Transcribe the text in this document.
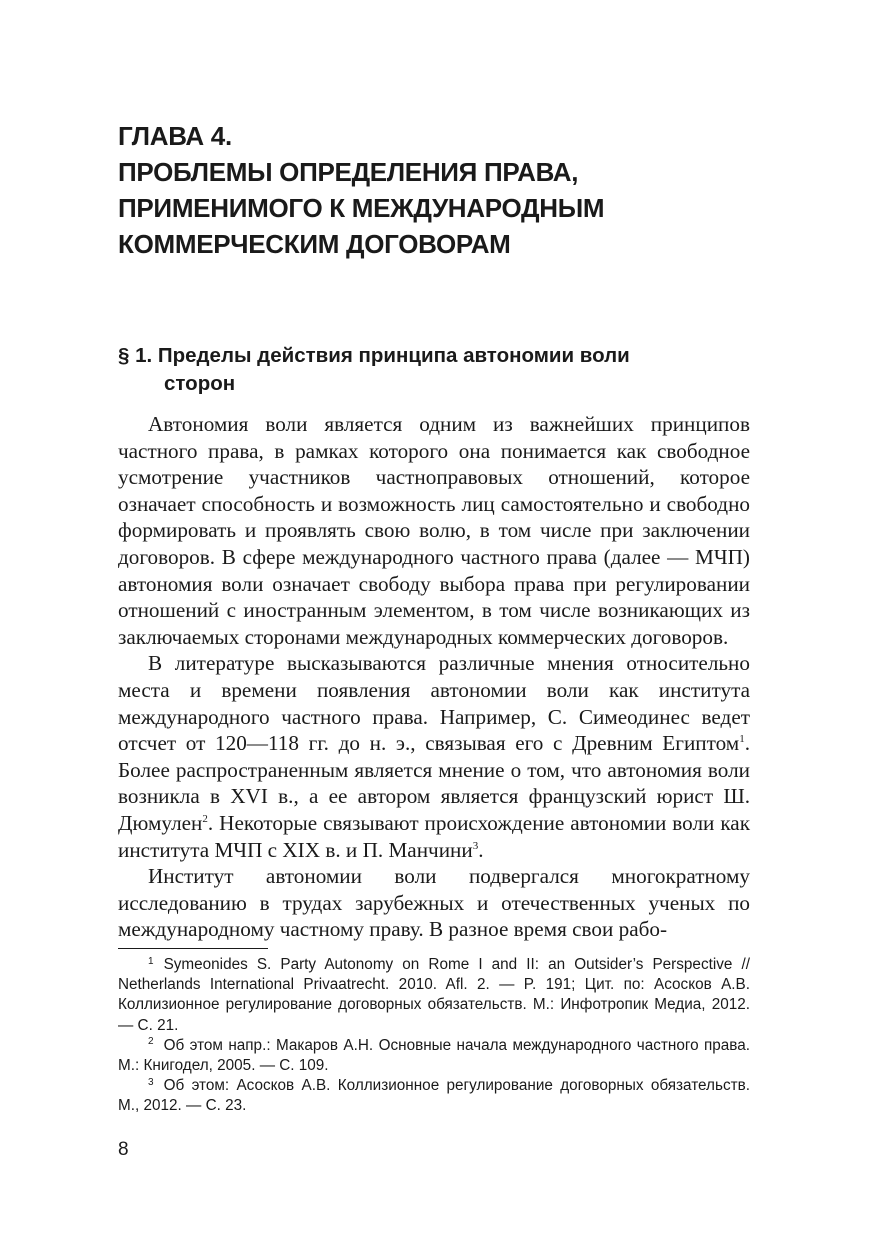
ГЛАВА 4.
ПРОБЛЕМЫ ОПРЕДЕЛЕНИЯ ПРАВА,
ПРИМЕНИМОГО К МЕЖДУНАРОДНЫМ
КОММЕРЧЕСКИМ ДОГОВОРАМ
§ 1. Пределы действия принципа автономии воли
сторон

Автономия воли является одним из важнейших принципов частного права, в рамках которого она понимается как свободное усмотрение участников частноправовых отношений, которое означает способность и возможность лиц самостоятельно и свободно формировать и проявлять свою волю, в том числе при заключении договоров. В сфере международного частного права (далее — МЧП) автономия воли означает свободу выбора права при регулировании отношений с иностранным элементом, в том числе возникающих из заключаемых сторонами международных коммерческих договоров.

В литературе высказываются различные мнения относительно места и времени появления автономии воли как института международного частного права. Например, С. Симеодинес ведет отсчет от 120—118 гг. до н. э., связывая его с Древним Египтом$^1$. Более распространенным является мнение о том, что автономия воли возникла в XVI в., а ее автором является французский юрист Ш. Дюмулен$^2$. Некоторые связывают происхождение автономии воли как института МЧП с XIX в. и П. Манчини$^3$.

Институт автономии воли подвергался многократному исследованию в трудах зарубежных и отечественных ученых по международному частному праву. В разное время свои рабо-

$^1$ Symeonides S. Party Autonomy on Rome I and II: an Outsider’s Perspective // Netherlands International Privaatrecht. 2010. Afl. 2. — P. 191; Цит. по: Асосков А.В. Коллизионное регулирование договорных обязательств. М.: Инфотропик Медиа, 2012. — С. 21.

$^2$ Об этом напр.: Макаров А.Н. Основные начала международного частного права. М.: Книгодел, 2005. — С. 109.

$^3$ Об этом: Асосков А.В. Коллизионное регулирование договорных обязательств. М., 2012. — С. 23.

8
